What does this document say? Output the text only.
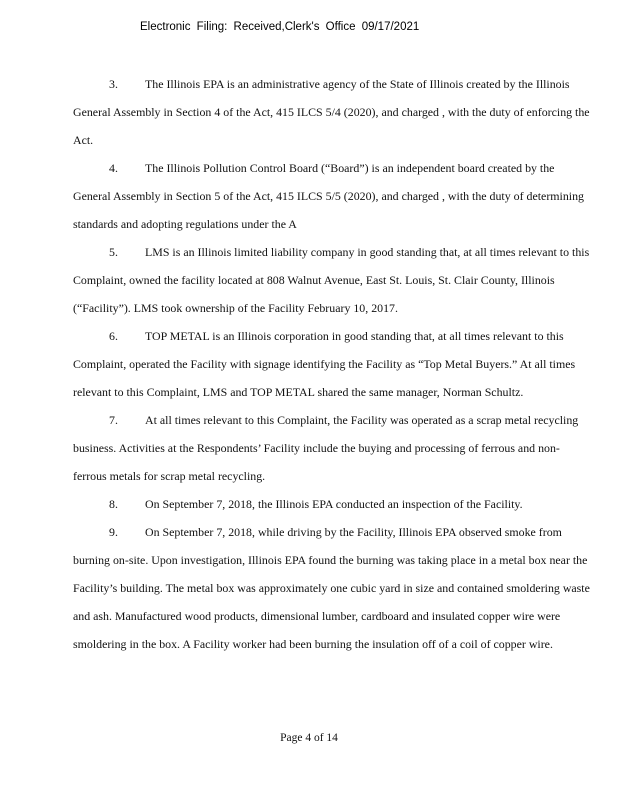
Electronic Filing: Received,Clerk's Office 09/17/2021

3. The Illinois EPA is an administrative agency of the State of Illinois created by the Illinois General Assembly in Section 4 of the Act, 415 ILCS 5/4 (2020), and charged , with the duty of enforcing the Act.

4. The Illinois Pollution Control Board (“Board”) is an independent board created by the General Assembly in Section 5 of the Act, 415 ILCS 5/5 (2020), and charged , with the duty of determining standards and adopting regulations under the A

5. LMS is an Illinois limited liability company in good standing that, at all times relevant to this Complaint, owned the facility located at 808 Walnut Avenue, East St. Louis, St. Clair County, Illinois (“Facility”). LMS took ownership of the Facility February 10, 2017.

6. TOP METAL is an Illinois corporation in good standing that, at all times relevant to this Complaint, operated the Facility with signage identifying the Facility as “Top Metal Buyers.” At all times relevant to this Complaint, LMS and TOP METAL shared the same manager, Norman Schultz.

7. At all times relevant to this Complaint, the Facility was operated as a scrap metal recycling business. Activities at the Respondents’ Facility include the buying and processing of ferrous and non-ferrous metals for scrap metal recycling.

8. On September 7, 2018, the Illinois EPA conducted an inspection of the Facility.

9. On September 7, 2018, while driving by the Facility, Illinois EPA observed smoke from burning on-site. Upon investigation, Illinois EPA found the burning was taking place in a metal box near the Facility’s building. The metal box was approximately one cubic yard in size and contained smoldering waste and ash. Manufactured wood products, dimensional lumber, cardboard and insulated copper wire were smoldering in the box. A Facility worker had been burning the insulation off of a coil of copper wire.

Page 4 of 14
